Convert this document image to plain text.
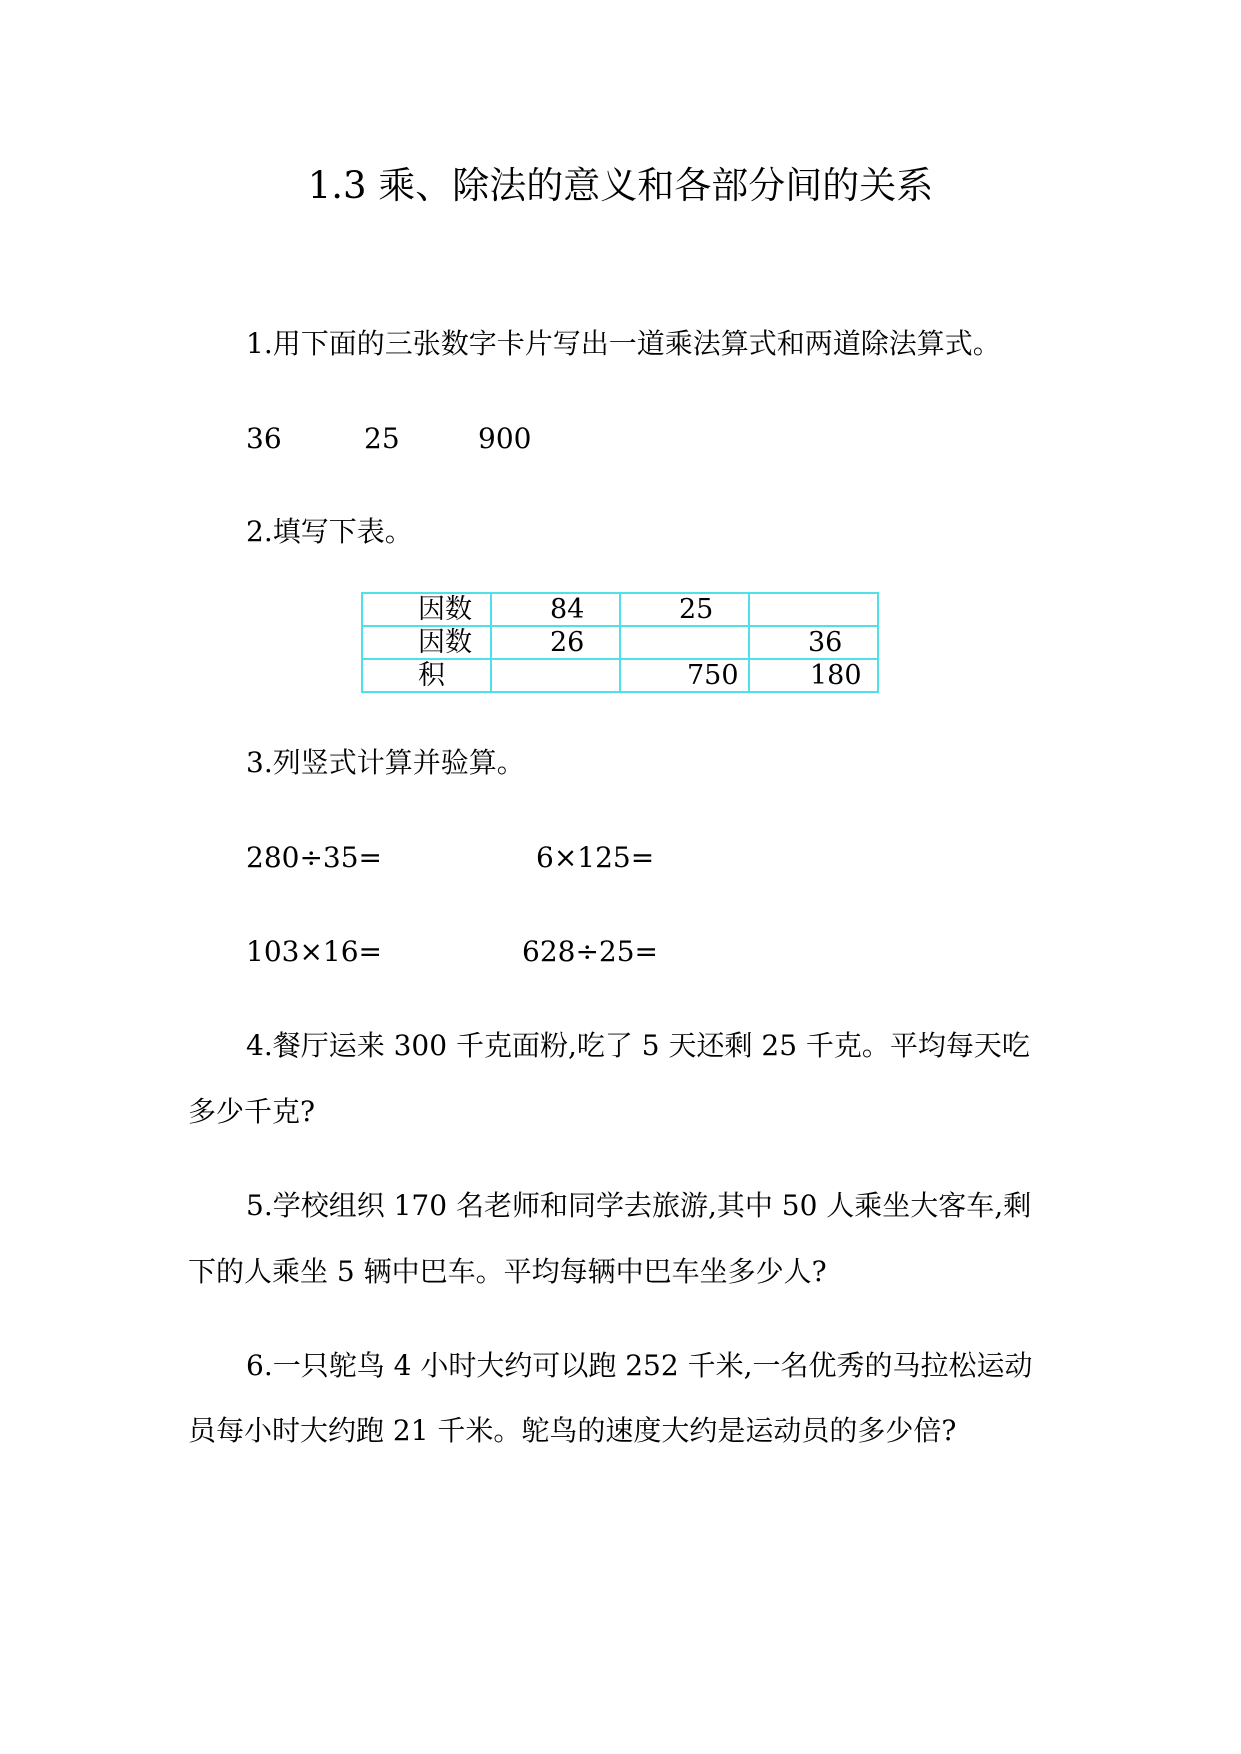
1.3 乘、除法的意义和各部分间的关系
1.用下面的三张数字卡片写出一道乘法算式和两道除法算式。
36	25	900
2.填写下表。
因数	84	25	
因数	26		36
积		750	180
3.列竖式计算并验算。
280÷35=	6×125=
103×16=	628÷25=
4.餐厅运来 300 千克面粉,吃了 5 天还剩 25 千克。平均每天吃
多少千克?
5.学校组织 170 名老师和同学去旅游,其中 50 人乘坐大客车,剩
下的人乘坐 5 辆中巴车。平均每辆中巴车坐多少人?
6.一只鸵鸟 4 小时大约可以跑 252 千米,一名优秀的马拉松运动
员每小时大约跑 21 千米。鸵鸟的速度大约是运动员的多少倍?
